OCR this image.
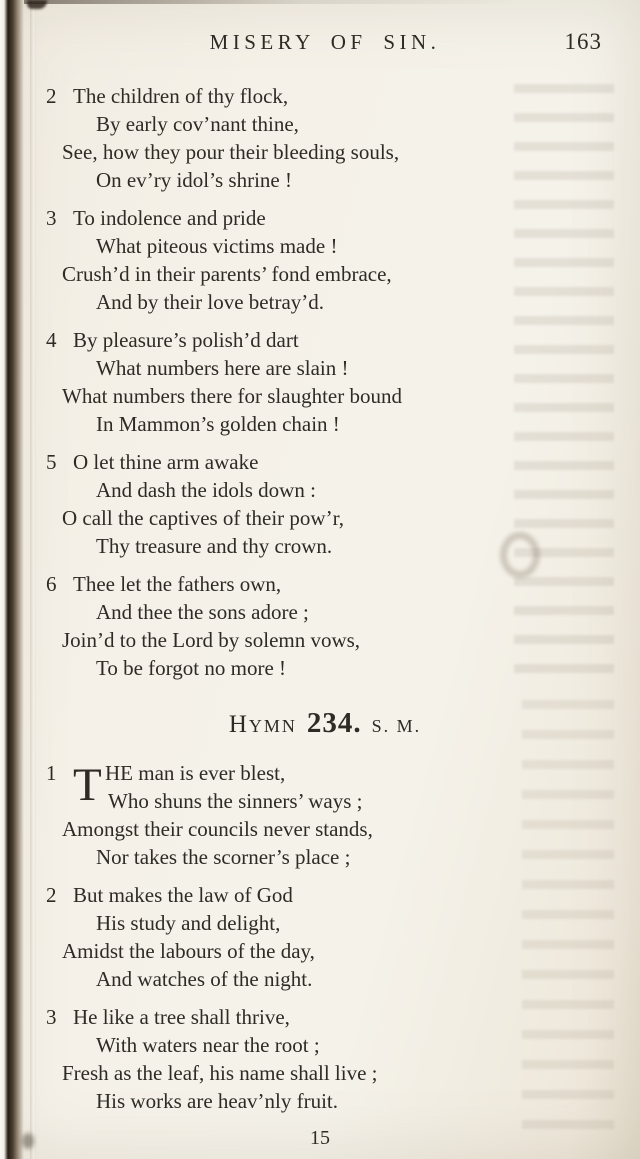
MISERY OF SIN.	163
2 The children of thy flock,
By early cov’nant thine,
See, how they pour their bleeding souls,
On ev’ry idol’s shrine !
3 To indolence and pride
What piteous victims made !
Crush’d in their parents’ fond embrace,
And by their love betray’d.
4 By pleasure’s polish’d dart
What numbers here are slain !
What numbers there for slaughter bound
In Mammon’s golden chain !
5 O let thine arm awake
And dash the idols down :
O call the captives of their pow’r,
Thy treasure and thy crown.
6 Thee let the fathers own,
And thee the sons adore ;
Join’d to the Lord by solemn vows,
To be forgot no more !
Hymn 234. S. M.
1 T HE man is ever blest,
Who shuns the sinners’ ways ;
Amongst their councils never stands,
Nor takes the scorner’s place ;
2 But makes the law of God
His study and delight,
Amidst the labours of the day,
And watches of the night.
3 He like a tree shall thrive,
With waters near the root ;
Fresh as the leaf, his name shall live ;
His works are heav’nly fruit.
15
